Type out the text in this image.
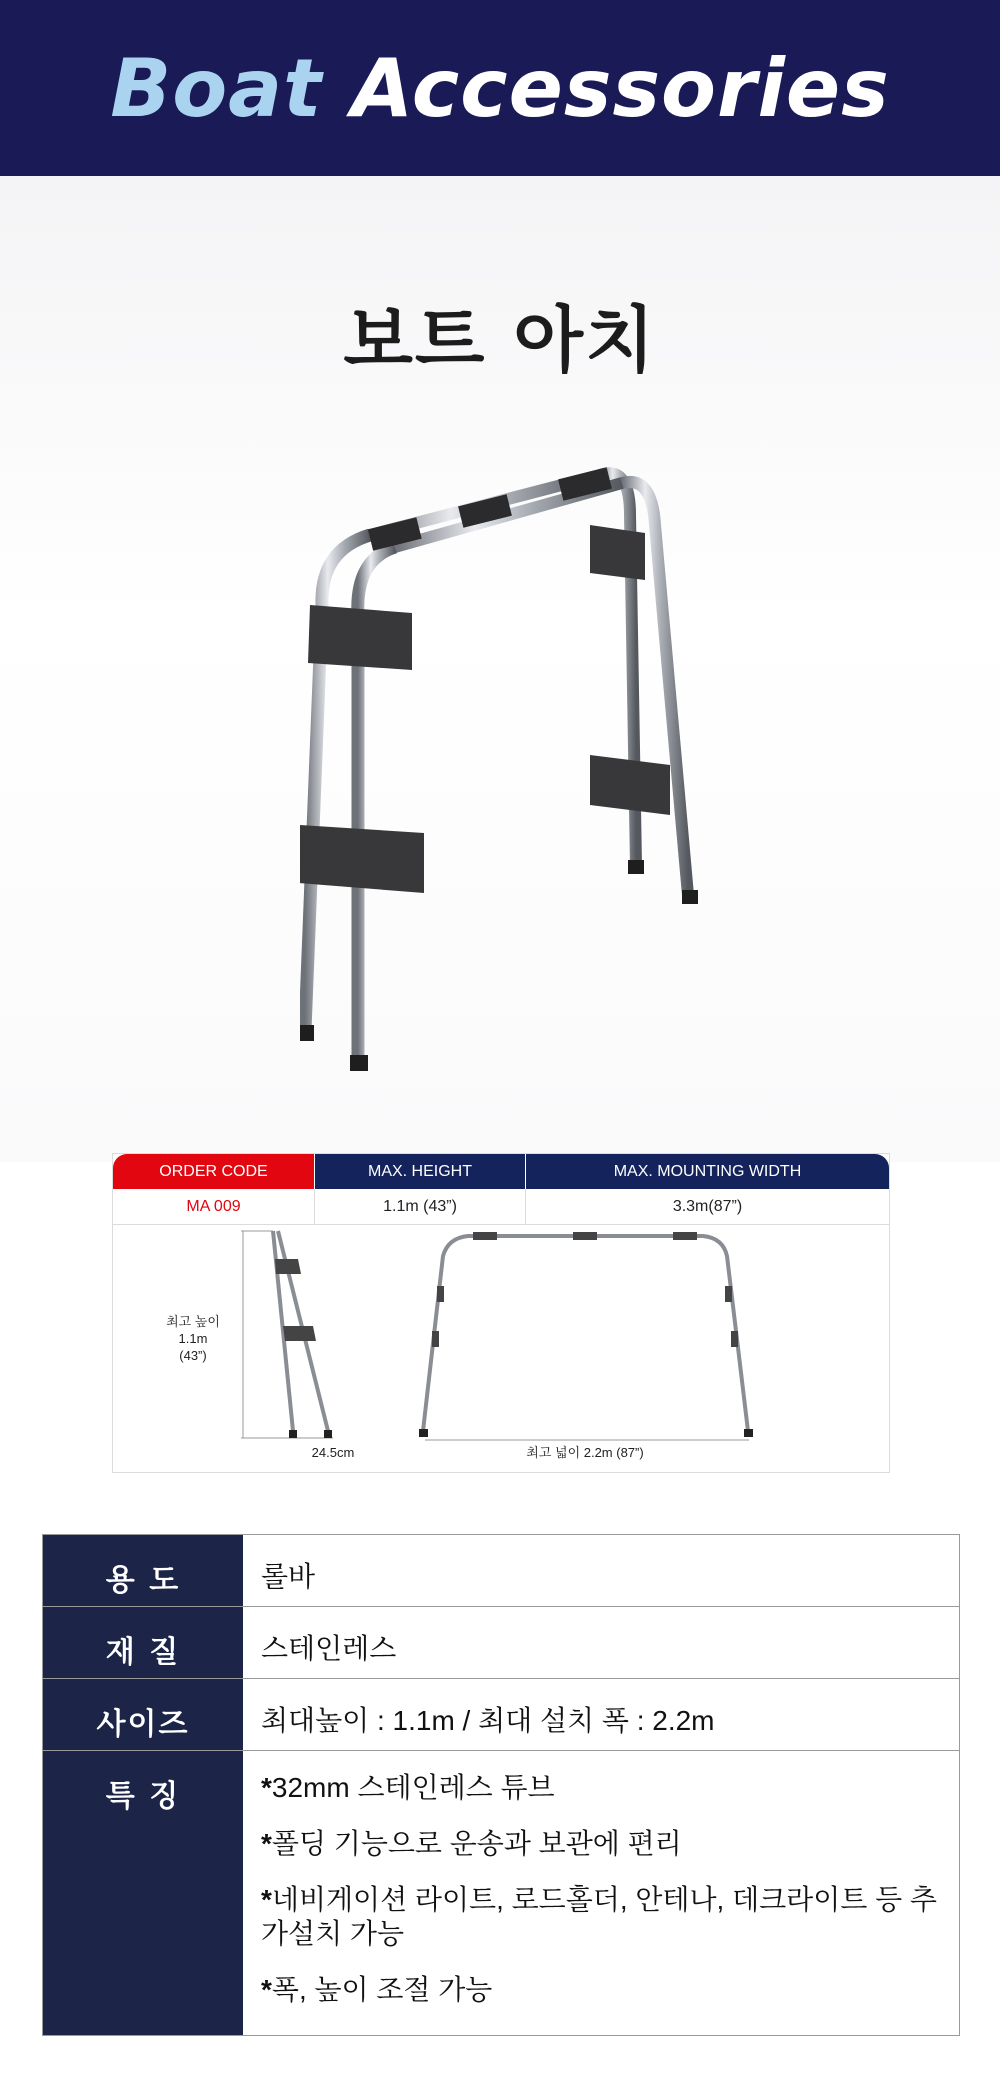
Boat Accessories
보트 아치
ORDER CODE	MAX. HEIGHT	MAX. MOUNTING WIDTH
MA 009	1.1m (43”)	3.3m(87”)
최고 높이
1.1m
(43”)
24.5cm	최고 넓이 2.2m (87”)
용 도	롤바
재 질	스테인레스
사이즈	최대높이 : 1.1m / 최대 설치 폭 : 2.2m
특 징	*32mm 스테인레스 튜브
*폴딩 기능으로 운송과 보관에 편리
*네비게이션 라이트, 로드홀더, 안테나, 데크라이트 등 추가설치 가능
*폭, 높이 조절 가능
